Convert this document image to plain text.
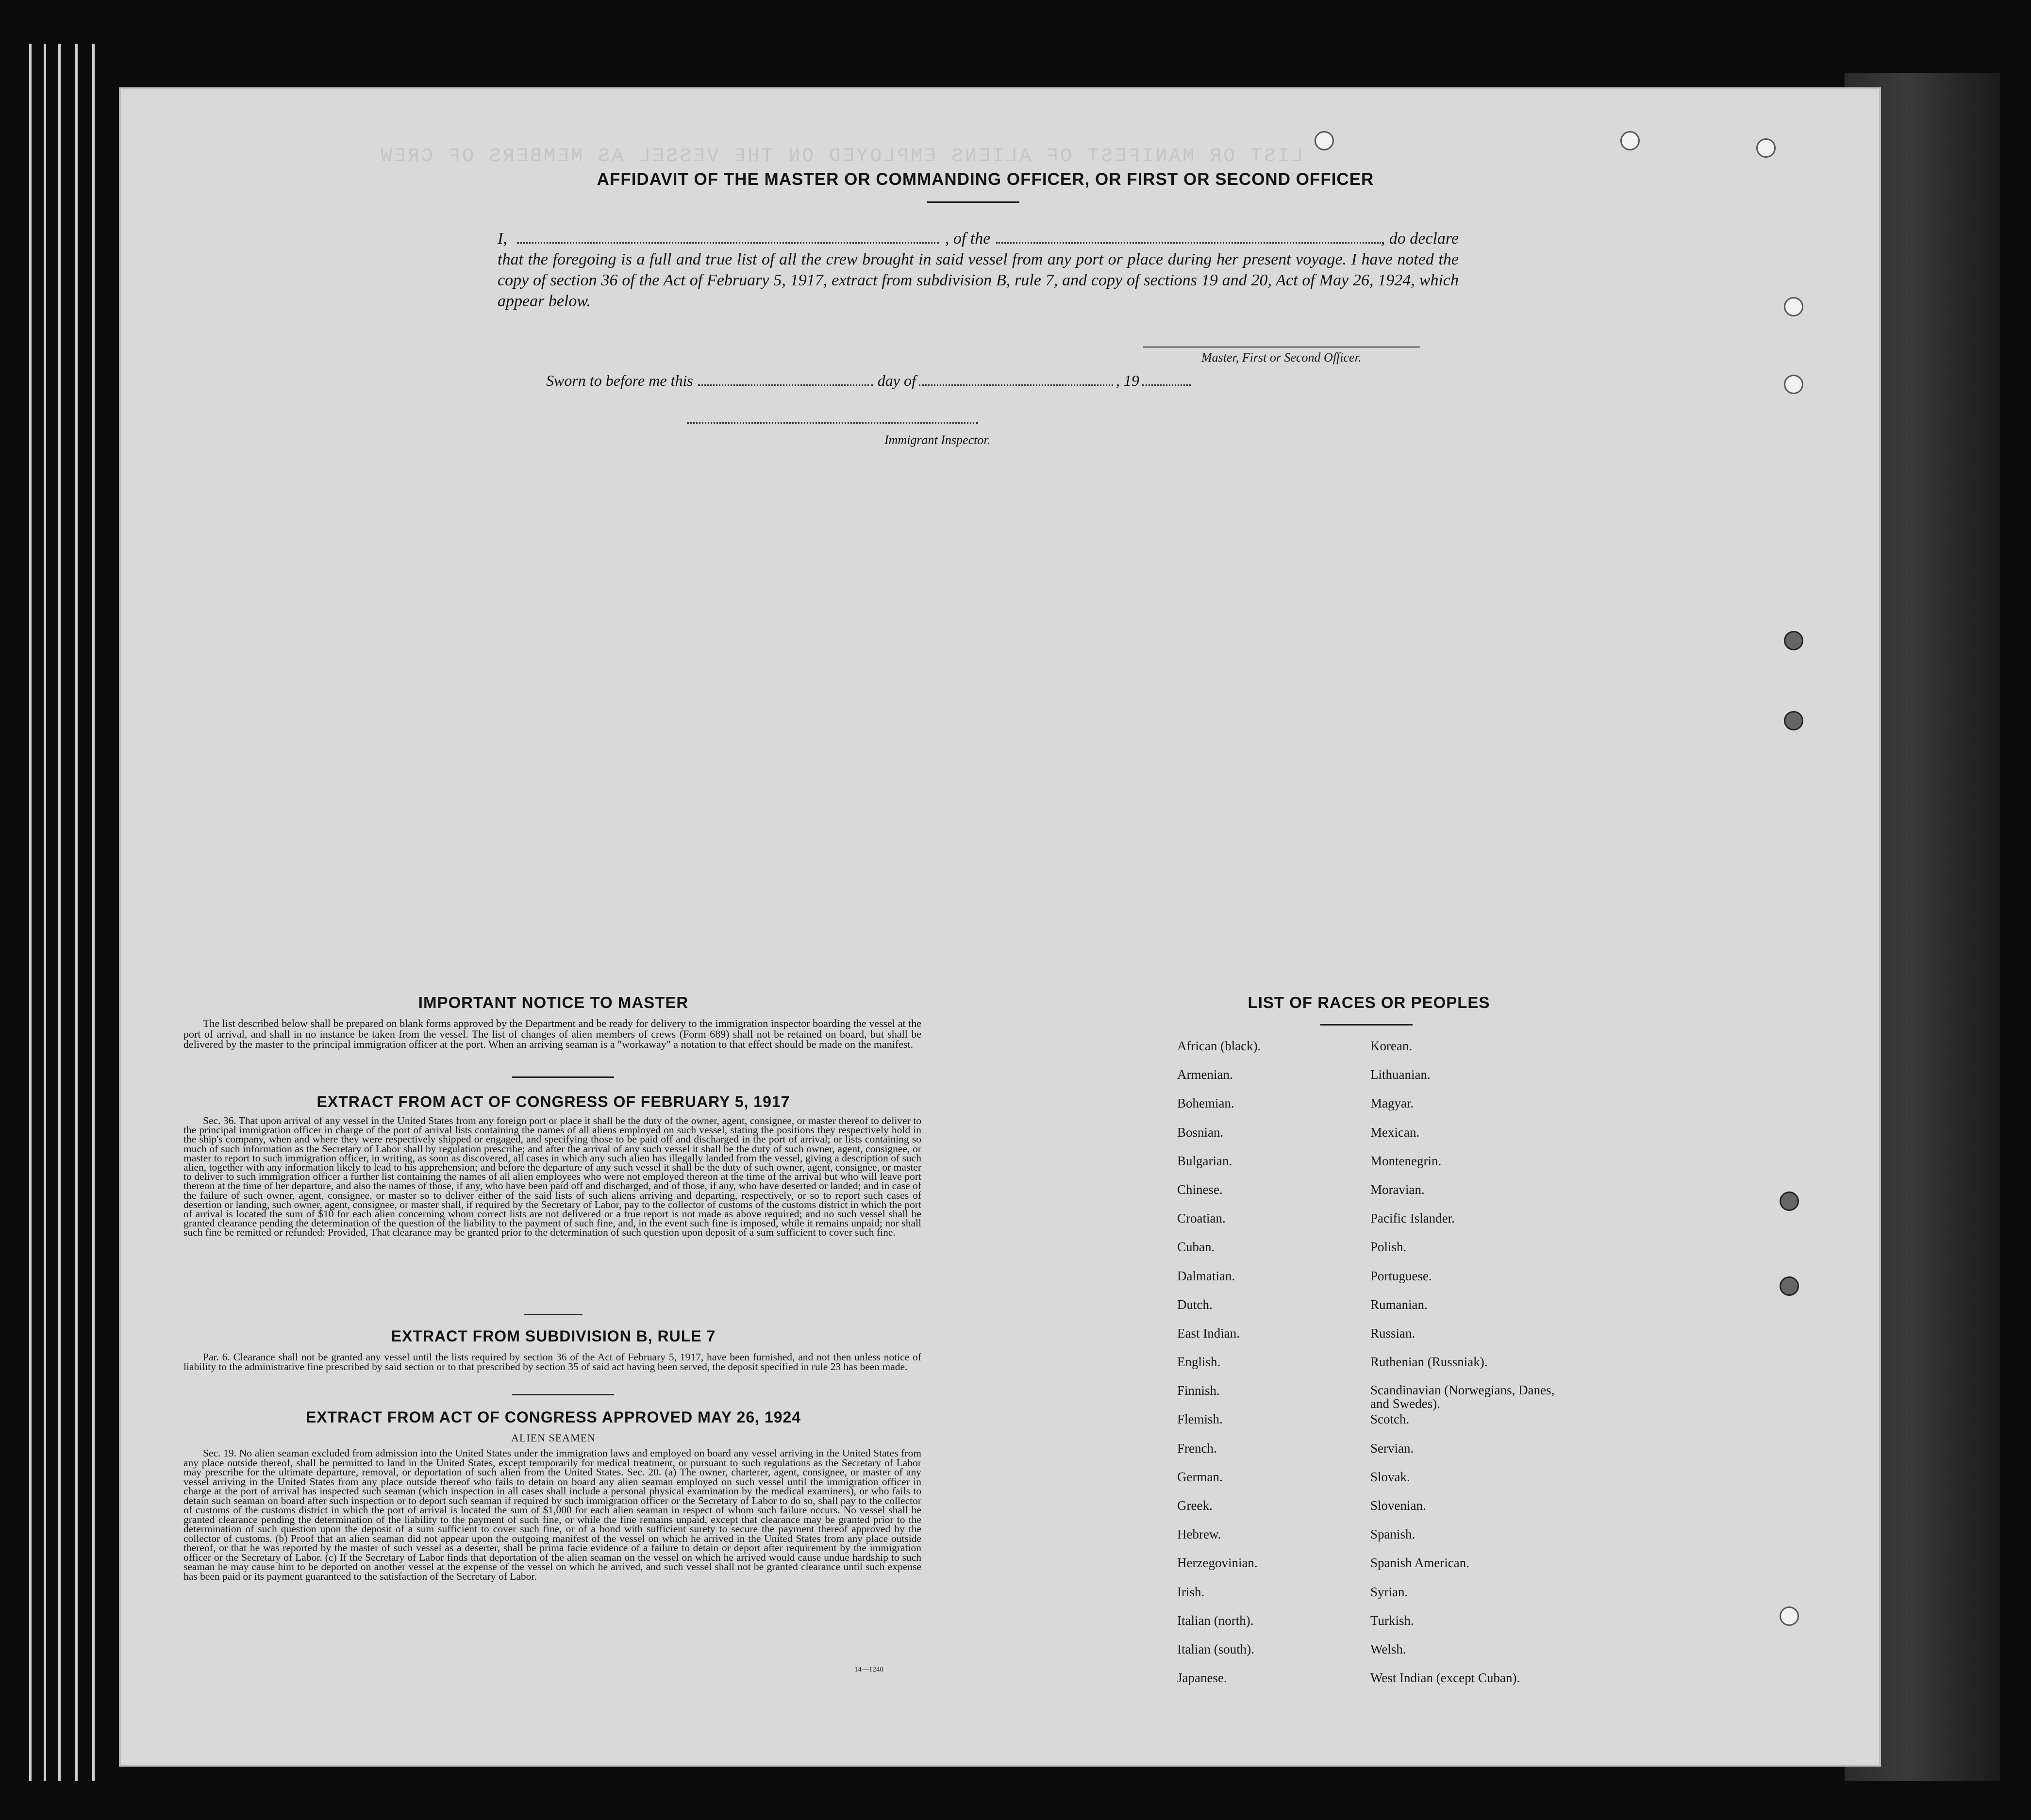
LIST OR MANIFEST OF ALIENS EMPLOYED ON THE VESSEL AS MEMBERS OF CREW
AFFIDAVIT OF THE MASTER OR COMMANDING OFFICER, OR FIRST OR SECOND OFFICER
I,	, of the	, do declare
that the foregoing is a full and true list of all the crew brought in said vessel from any port or place during her present voyage. I have noted the copy of section 36 of the Act of February 5, 1917, extract from subdivision B, rule 7, and copy of sections 19 and 20, Act of May 26, 1924, which appear below.
Master, First or Second Officer.
Sworn to before me this	day of	, 19
Immigrant Inspector.
IMPORTANT NOTICE TO MASTER
The list described below shall be prepared on blank forms approved by the Department and be ready for delivery to the immigration inspector boarding the vessel at the port of arrival, and shall in no instance be taken from the vessel. The list of changes of alien members of crews (Form 689) shall not be retained on board, but shall be delivered by the master to the principal immigration officer at the port. When an arriving seaman is a "workaway" a notation to that effect should be made on the manifest.
EXTRACT FROM ACT OF CONGRESS OF FEBRUARY 5, 1917
Sec. 36. That upon arrival of any vessel in the United States from any foreign port or place it shall be the duty of the owner, agent, consignee, or master thereof to deliver to the principal immigration officer in charge of the port of arrival lists containing the names of all aliens employed on such vessel, stating the positions they respectively hold in the ship's company, when and where they were respectively shipped or engaged, and specifying those to be paid off and discharged in the port of arrival; or lists containing so much of such information as the Secretary of Labor shall by regulation prescribe; and after the arrival of any such vessel it shall be the duty of such owner, agent, consignee, or master to report to such immigration officer, in writing, as soon as discovered, all cases in which any such alien has illegally landed from the vessel, giving a description of such alien, together with any information likely to lead to his apprehension; and before the departure of any such vessel it shall be the duty of such owner, agent, consignee, or master to deliver to such immigration officer a further list containing the names of all alien employees who were not employed thereon at the time of the arrival but who will leave port thereon at the time of her departure, and also the names of those, if any, who have been paid off and discharged, and of those, if any, who have deserted or landed; and in case of the failure of such owner, agent, consignee, or master so to deliver either of the said lists of such aliens arriving and departing, respectively, or so to report such cases of desertion or landing, such owner, agent, consignee, or master shall, if required by the Secretary of Labor, pay to the collector of customs of the customs district in which the port of arrival is located the sum of $10 for each alien concerning whom correct lists are not delivered or a true report is not made as above required; and no such vessel shall be granted clearance pending the determination of the question of the liability to the payment of such fine, and, in the event such fine is imposed, while it remains unpaid; nor shall such fine be remitted or refunded: Provided, That clearance may be granted prior to the determination of such question upon deposit of a sum sufficient to cover such fine.
EXTRACT FROM SUBDIVISION B, RULE 7
Par. 6. Clearance shall not be granted any vessel until the lists required by section 36 of the Act of February 5, 1917, have been furnished, and not then unless notice of liability to the administrative fine prescribed by said section or to that prescribed by section 35 of said act having been served, the deposit specified in rule 23 has been made.
EXTRACT FROM ACT OF CONGRESS APPROVED MAY 26, 1924
ALIEN SEAMEN
Sec. 19. No alien seaman excluded from admission into the United States under the immigration laws and employed on board any vessel arriving in the United States from any place outside thereof, shall be permitted to land in the United States, except temporarily for medical treatment, or pursuant to such regulations as the Secretary of Labor may prescribe for the ultimate departure, removal, or deportation of such alien from the United States. Sec. 20. (a) The owner, charterer, agent, consignee, or master of any vessel arriving in the United States from any place outside thereof who fails to detain on board any alien seaman employed on such vessel until the immigration officer in charge at the port of arrival has inspected such seaman (which inspection in all cases shall include a personal physical examination by the medical examiners), or who fails to detain such seaman on board after such inspection or to deport such seaman if required by such immigration officer or the Secretary of Labor to do so, shall pay to the collector of customs of the customs district in which the port of arrival is located the sum of $1,000 for each alien seaman in respect of whom such failure occurs. No vessel shall be granted clearance pending the determination of the liability to the payment of such fine, or while the fine remains unpaid, except that clearance may be granted prior to the determination of such question upon the deposit of a sum sufficient to cover such fine, or of a bond with sufficient surety to secure the payment thereof approved by the collector of customs. (b) Proof that an alien seaman did not appear upon the outgoing manifest of the vessel on which he arrived in the United States from any place outside thereof, or that he was reported by the master of such vessel as a deserter, shall be prima facie evidence of a failure to detain or deport after requirement by the immigration officer or the Secretary of Labor. (c) If the Secretary of Labor finds that deportation of the alien seaman on the vessel on which he arrived would cause undue hardship to such seaman he may cause him to be deported on another vessel at the expense of the vessel on which he arrived, and such vessel shall not be granted clearance until such expense has been paid or its payment guaranteed to the satisfaction of the Secretary of Labor.
14—1240
LIST OF RACES OR PEOPLES
African (black).
Armenian.
Bohemian.
Bosnian.
Bulgarian.
Chinese.
Croatian.
Cuban.
Dalmatian.
Dutch.
East Indian.
English.
Finnish.
Flemish.
French.
German.
Greek.
Hebrew.
Herzegovinian.
Irish.
Italian (north).
Italian (south).
Japanese.
Korean.
Lithuanian.
Magyar.
Mexican.
Montenegrin.
Moravian.
Pacific Islander.
Polish.
Portuguese.
Rumanian.
Russian.
Ruthenian (Russniak).
Scandinavian (Norwegians, Danes, and Swedes).
Scotch.
Servian.
Slovak.
Slovenian.
Spanish.
Spanish American.
Syrian.
Turkish.
Welsh.
West Indian (except Cuban).
